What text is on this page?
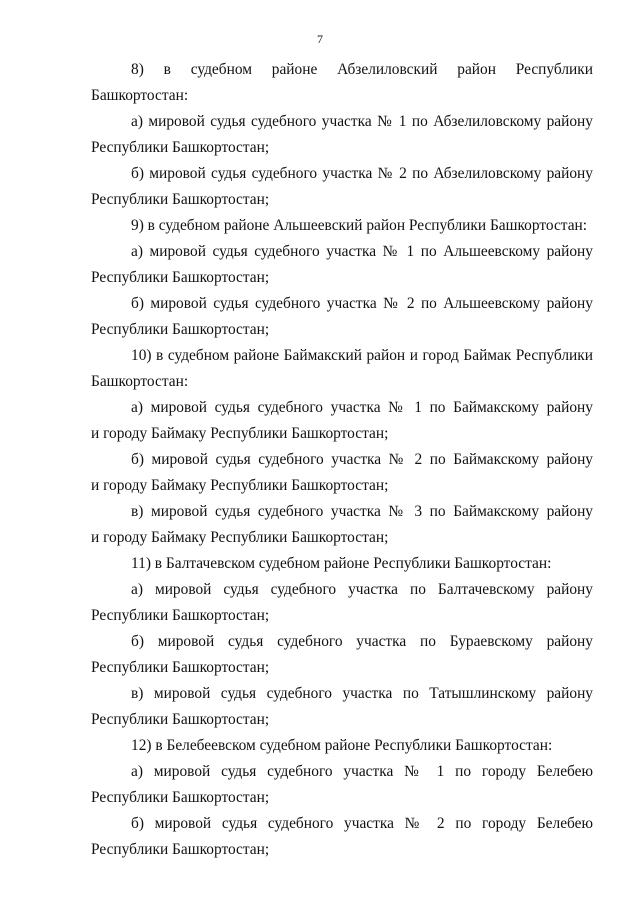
7
8) в судебном районе Абзелиловский район Республики Башкортостан:
а) мировой судья судебного участка № 1 по Абзелиловскому району
Республики Башкортостан;
б) мировой судья судебного участка № 2 по Абзелиловскому району
Республики Башкортостан;
9) в судебном районе Альшеевский район Республики Башкортостан:
а) мировой судья судебного участка № 1 по Альшеевскому району
Республики Башкортостан;
б) мировой судья судебного участка № 2 по Альшеевскому району
Республики Башкортостан;
10) в судебном районе Баймакский район и город Баймак Республики
Башкортостан:
а) мировой судья судебного участка № 1 по Баймакскому району
и городу Баймаку Республики Башкортостан;
б) мировой судья судебного участка № 2 по Баймакскому району
и городу Баймаку Республики Башкортостан;
в) мировой судья судебного участка № 3 по Баймакскому району
и городу Баймаку Республики Башкортостан;
11) в Балтачевском судебном районе Республики Башкортостан:
а) мировой судья судебного участка по Балтачевскому району
Республики Башкортостан;
б) мировой судья судебного участка по Бураевскому району
Республики Башкортостан;
в) мировой судья судебного участка по Татышлинскому району
Республики Башкортостан;
12) в Белебеевском судебном районе Республики Башкортостан:
а) мировой судья судебного участка № 1 по городу Белебею
Республики Башкортостан;
б) мировой судья судебного участка № 2 по городу Белебею
Республики Башкортостан;
